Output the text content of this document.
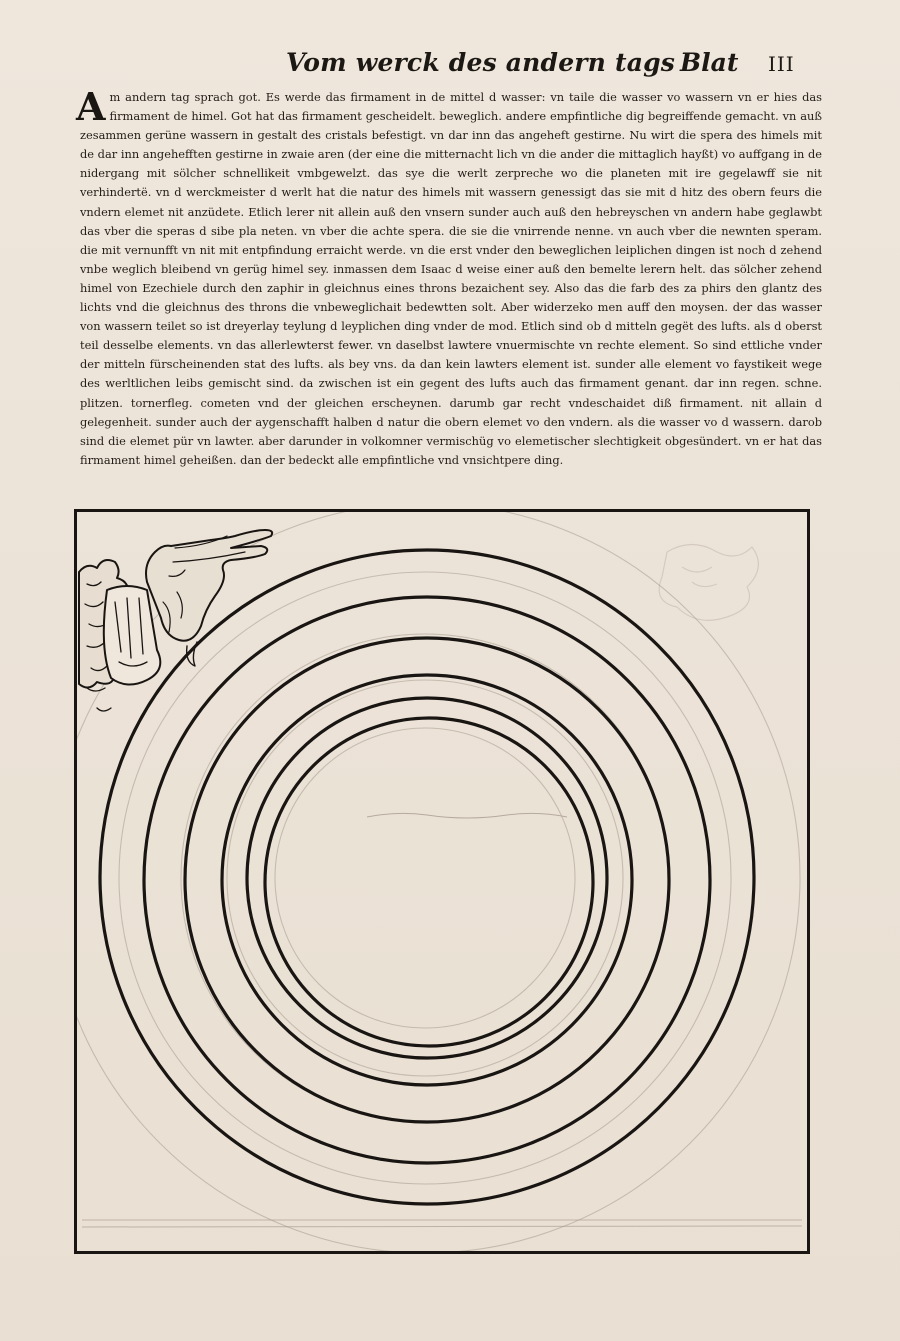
Vom werck des andern tags Blat III

Am andern tag sprach got. Es werde das firmament in de mittel d wasser: vn taile die wasser vo wassern vn er hies das firmament de himel. Got hat das firmament gescheidelt. beweglich. andere empfintliche dig begreiffende gemacht. vn auß zesammen gerüne wassern in gestalt des cristals befestigt. vn dar inn das angeheft gestirne. Nu wirt die spera des himels mit de dar inn angehefften gestirne in zwaie aren (der eine die mitternacht lich vn die ander die mittaglich hayßt) vo auffgang in de nidergang mit sölcher schnellikeit vmbgewelzt. das sye die werlt zerpreche wo die planeten mit ire gegelawff sie nit verhindertë. vn d werckmeister d werlt hat die natur des himels mit wassern genessigt das sie mit d hitz des obern feurs die vndern elemet nit anzüdete. Etlich lerer nit allein auß den vnsern sunder auch auß den hebreyschen vn andern habe geglawbt das vber die speras d sibe pla neten. vn vber die achte spera. die sie die vnirrende nenne. vn auch vber die newnten speram. die mit vernunfft vn nit mit entpfindung erraicht werde. vn die erst vnder den beweglichen leiplichen dingen ist noch d zehend vnbe weglich bleibend vn gerüg himel sey. inmassen dem Isaac d weise einer auß den bemelte lerern helt. das sölcher zehend himel von Ezechiele durch den zaphir in gleichnus eines throns bezaichent sey. Also das die farb des za phirs den glantz des lichts vnd die gleichnus des throns die vnbeweglichait bedewtten solt. Aber widerzeko men auff den moysen. der das wasser von wassern teilet so ist dreyerlay teylung d leyplichen ding vnder de mod. Etlich sind ob d mitteln gegët des lufts. als d oberst teil desselbe elements. vn das allerlewterst fewer. vn daselbst lawtere vnuermischte vn rechte element. So sind ettliche vnder der mitteln fürscheinenden stat des lufts. als bey vns. da dan kein lawters element ist. sunder alle element vo faystikeit wege des werltlichen leibs gemischt sind. da zwischen ist ein gegent des lufts auch das firmament genant. dar inn regen. schne. plitzen. tornerfleg. cometen vnd der gleichen erscheynen. darumb gar recht vndeschaidet diß firmament. nit allain d gelegenheit. sunder auch der aygenschafft halben d natur die obern elemet vo den vndern. als die wasser vo d wassern. darob sind die elemet pür vn lawter. aber darunder in volkomner vermischüg vo elemetischer slechtigkeit obgesündert. vn er hat das firmament himel geheißen. dan der bedeckt alle empfintliche vnd vnsichtpere ding.
